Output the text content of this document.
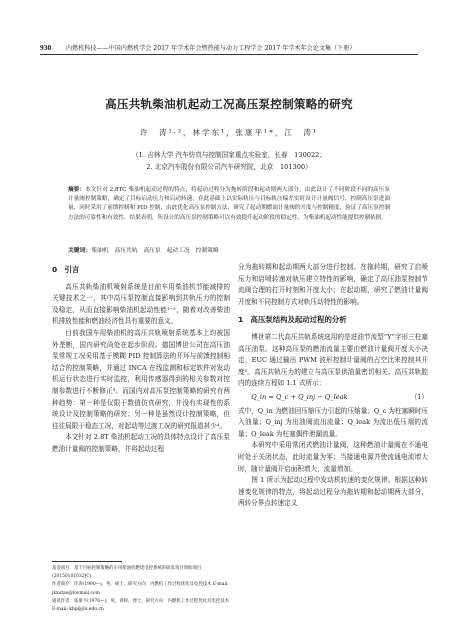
930 内燃机科技——中国内燃机学会 2017 年学术年会暨热能与动力工程学会 2017 年学术年会论文集（下册）
高压共轨柴油机起动工况高压泵控制策略的研究
许　涛¹·²，林学东¹，张康平¹*，江　涛¹
（1. 吉林大学 汽车仿真与控制国家重点实验室，长春　130022；
2. 北京汽车股份有限公司汽车研究院，北京　101300）
摘要：本文针对 2.8TC 柴油机起动过程的特点，将起动过程分为拖转阶段和起动期两大部分，由此设计了不同阶段不同的高压泵计量阀控制策略，确定了目标启动压力和启动转速，在此基础上以实际轨压与目标轨压偏差实时设计计量阀信号，控制高压泵进油量，同时采用了前馈控制和 PID 控制，由此优化高压泵控制方法，研究了起动期燃油计量阀的开度与控制精度，验证了高压泵控制方法的可靠性和有效性，结果表明，所设计的高压泵控制策略可以有效提升起动阶段的稳定性，为柴油机起动性能提供控制依据。
关键词：柴油机　高压共轨　高压泵　起动工况　控制策略
0　引言

高压共轨柴油机喷射系统是目前车用柴油机节能减排的关键技术之一，其中高压泵控制直接影响到共轨压力的控制及稳定，从而直接影响柴油机起动性能¹⁻²，随着对改善柴油机排放性能和燃油经济性具有重要的意义。

目前我国车用柴油机的高压共轨喷射系统基本上均被国外垄断，国内研究尚处在起步阶段。德国博世公司在高压油泵常规工况采用基于模糊 PID 控制算法的开环与前馈控制相结合的控制策略，并通过 INCA 在线监测和标定软件对发动机运行状态进行实时监控，利用传感器得到的相关参数对控制参数进行不断修正³。而国内对高压泵控制策略的研究有两种趋势：第一种是仅限于数值仿真研究，并没有实现性的系统设计及控制策略的研究；另一种是虽然设计控制策略，但往往局限于稳态工况，对起动等过渡工况的研究报道甚少⁴。

本文针对 2.8T 柴油机起动工况的具体特点设计了高压泵燃油计量阀的控制策略，并将起动过程

分为拖转期和起动期两大部分进行控制。在拖转期，研究了启喷压力和启喷转速对轨压建立特性的影响，确定了高压油泵控制节流阀合理的打开时刻和开度大小；在起动期，研究了燃油计量阀开度和不同控制方式对轨压动特性的影响。

1　高压泵结构及起动过程的分析

博世第二代高压共轨系统选用的是进油节流型“Y”字形三柱塞高压油泵。这种高压泵的燃油流量主要由燃油计量阀开度大小决定，EUC 通过输出 PWM 波形控制计量阀的占空比来控制其开度⁵。高压共轨压力的建立与高压泵供油量密切相关。高压共轨腔内的连续方程如 1.1 式所示：

Q_in = Q_c + Q_inj − Q_leak	（1）

式中，Q_in 为燃油回压缩压力引起的压缩量；Q_c 为柱塞瞬时压入油量；Q_inj 为出油阀流出流量；Q_leak 为流出低压端的流量；Q_leak 为柱塞偶件泄漏流量。

本研究中采用常闭式燃油计量阀，这种燃油计量阀在不通电时处于关闭状态，此时流量为零；当接通电源并使流通电流增大时，随计量阀开启面积增大，流量增加。

图 1 所示为起动过程中发动机转速的变化规律。根据这种转速变化规律的特点，将起动过程分为拖转期和起动期两大部分，两转分界点转速定义

基金项目：基于目标控制策略的车用柴油机燃烧电控系统的研发项目资助项目(20150101032JC)
作者简介：许涛(1990—)，男，硕士，研究方向：内燃机工作过程优化及电控技术 E-mail: jkxutao@foxmail.com
通讯作者：张康平(1976—)，男，讲师，博士，研究方向：内燃机工作过程优化及电控技术 E-mail: kbp@jlu.edu.cn
